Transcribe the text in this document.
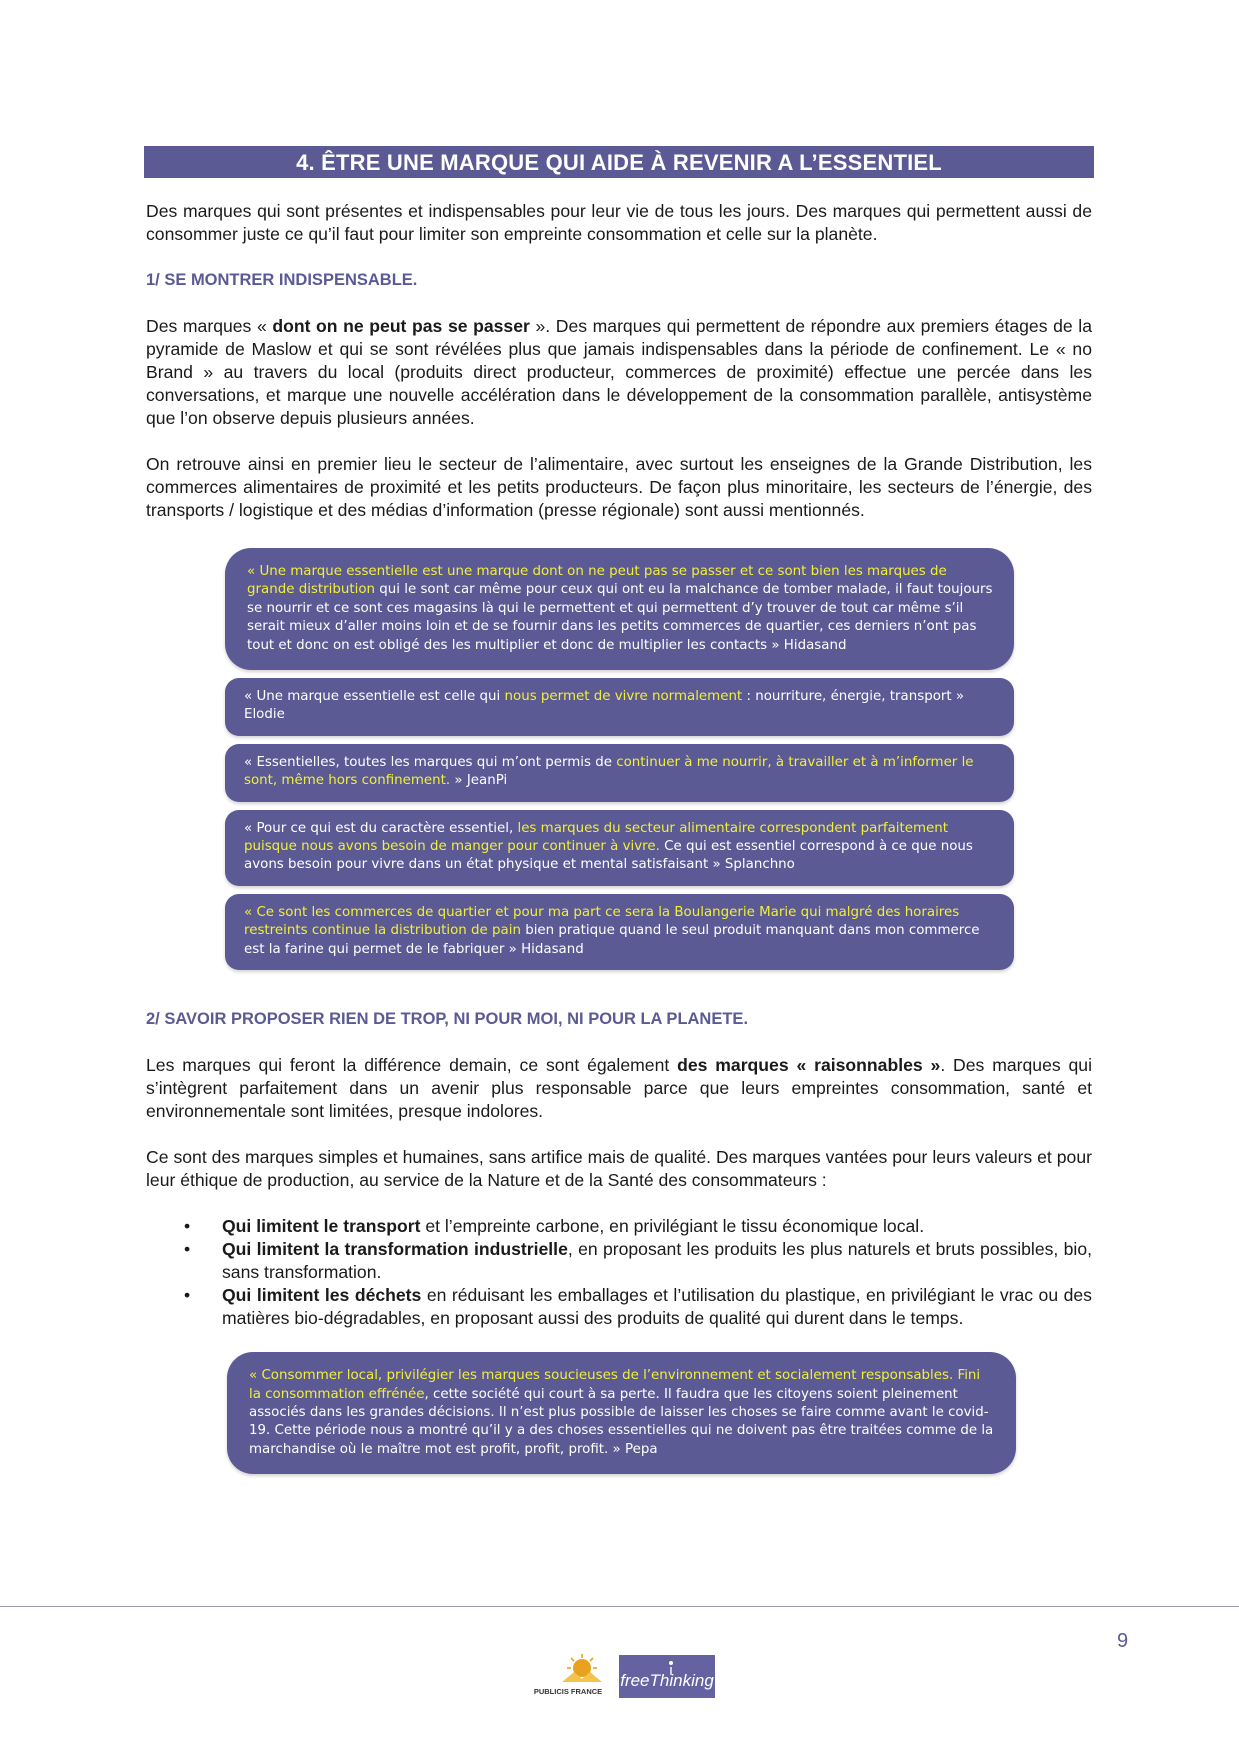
4. ÊTRE UNE MARQUE QUI AIDE À REVENIR A L’ESSENTIEL

Des marques qui sont présentes et indispensables pour leur vie de tous les jours. Des marques qui permettent aussi de consommer juste ce qu’il faut pour limiter son empreinte consommation et celle sur la planète.

1/ SE MONTRER INDISPENSABLE.

Des marques « dont on ne peut pas se passer ». Des marques qui permettent de répondre aux premiers étages de la pyramide de Maslow et qui se sont révélées plus que jamais indispensables dans la période de confinement. Le « no Brand » au travers du local (produits direct producteur, commerces de proximité) effectue une percée dans les conversations, et marque une nouvelle accélération dans le développement de la consommation parallèle, antisystème que l’on observe depuis plusieurs années.

On retrouve ainsi en premier lieu le secteur de l’alimentaire, avec surtout les enseignes de la Grande Distribution, les commerces alimentaires de proximité et les petits producteurs. De façon plus minoritaire, les secteurs de l’énergie, des transports / logistique et des médias d’information (presse régionale) sont aussi mentionnés.

« Une marque essentielle est une marque dont on ne peut pas se passer et ce sont bien les marques de grande distribution qui le sont car même pour ceux qui ont eu la malchance de tomber malade, il faut toujours se nourrir et ce sont ces magasins là qui le permettent et qui permettent d’y trouver de tout car même s’il serait mieux d’aller moins loin et de se fournir dans les petits commerces de quartier, ces derniers n’ont pas tout et donc on est obligé des les multiplier et donc de multiplier les contacts » Hidasand
« Une marque essentielle est celle qui nous permet de vivre normalement : nourriture, énergie, transport » Elodie
« Essentielles, toutes les marques qui m’ont permis de continuer à me nourrir, à travailler et à m’informer le sont, même hors confinement. » JeanPi
« Pour ce qui est du caractère essentiel, les marques du secteur alimentaire correspondent parfaitement puisque nous avons besoin de manger pour continuer à vivre. Ce qui est essentiel correspond à ce que nous avons besoin pour vivre dans un état physique et mental satisfaisant » Splanchno
« Ce sont les commerces de quartier et pour ma part ce sera la Boulangerie Marie qui malgré des horaires restreints continue la distribution de pain bien pratique quand le seul produit manquant dans mon commerce est la farine qui permet de le fabriquer » Hidasand
2/ SAVOIR PROPOSER RIEN DE TROP, NI POUR MOI, NI POUR LA PLANETE.

Les marques qui feront la différence demain, ce sont également des marques « raisonnables ». Des marques qui s’intègrent parfaitement dans un avenir plus responsable parce que leurs empreintes consommation, santé et environnementale sont limitées, presque indolores.

Ce sont des marques simples et humaines, sans artifice mais de qualité. Des marques vantées pour leurs valeurs et pour leur éthique de production, au service de la Nature et de la Santé des consommateurs :

• Qui limitent le transport et l’empreinte carbone, en privilégiant le tissu économique local.
• Qui limitent la transformation industrielle, en proposant les produits les plus naturels et bruts possibles, bio, sans transformation.
• Qui limitent les déchets en réduisant les emballages et l’utilisation du plastique, en privilégiant le vrac ou des matières bio-dégradables, en proposant aussi des produits de qualité qui durent dans le temps.
« Consommer local, privilégier les marques soucieuses de l’environnement et socialement responsables. Fini la consommation effrénée, cette société qui court à sa perte. Il faudra que les citoyens soient pleinement associés dans les grandes décisions. Il n’est plus possible de laisser les choses se faire comme avant le covid-19. Cette période nous a montré qu’il y a des choses essentielles qui ne doivent pas être traitées comme de la marchandise où le maître mot est profit, profit, profit. » Pepa
PUBLICIS FRANCE
freeThinking
9
